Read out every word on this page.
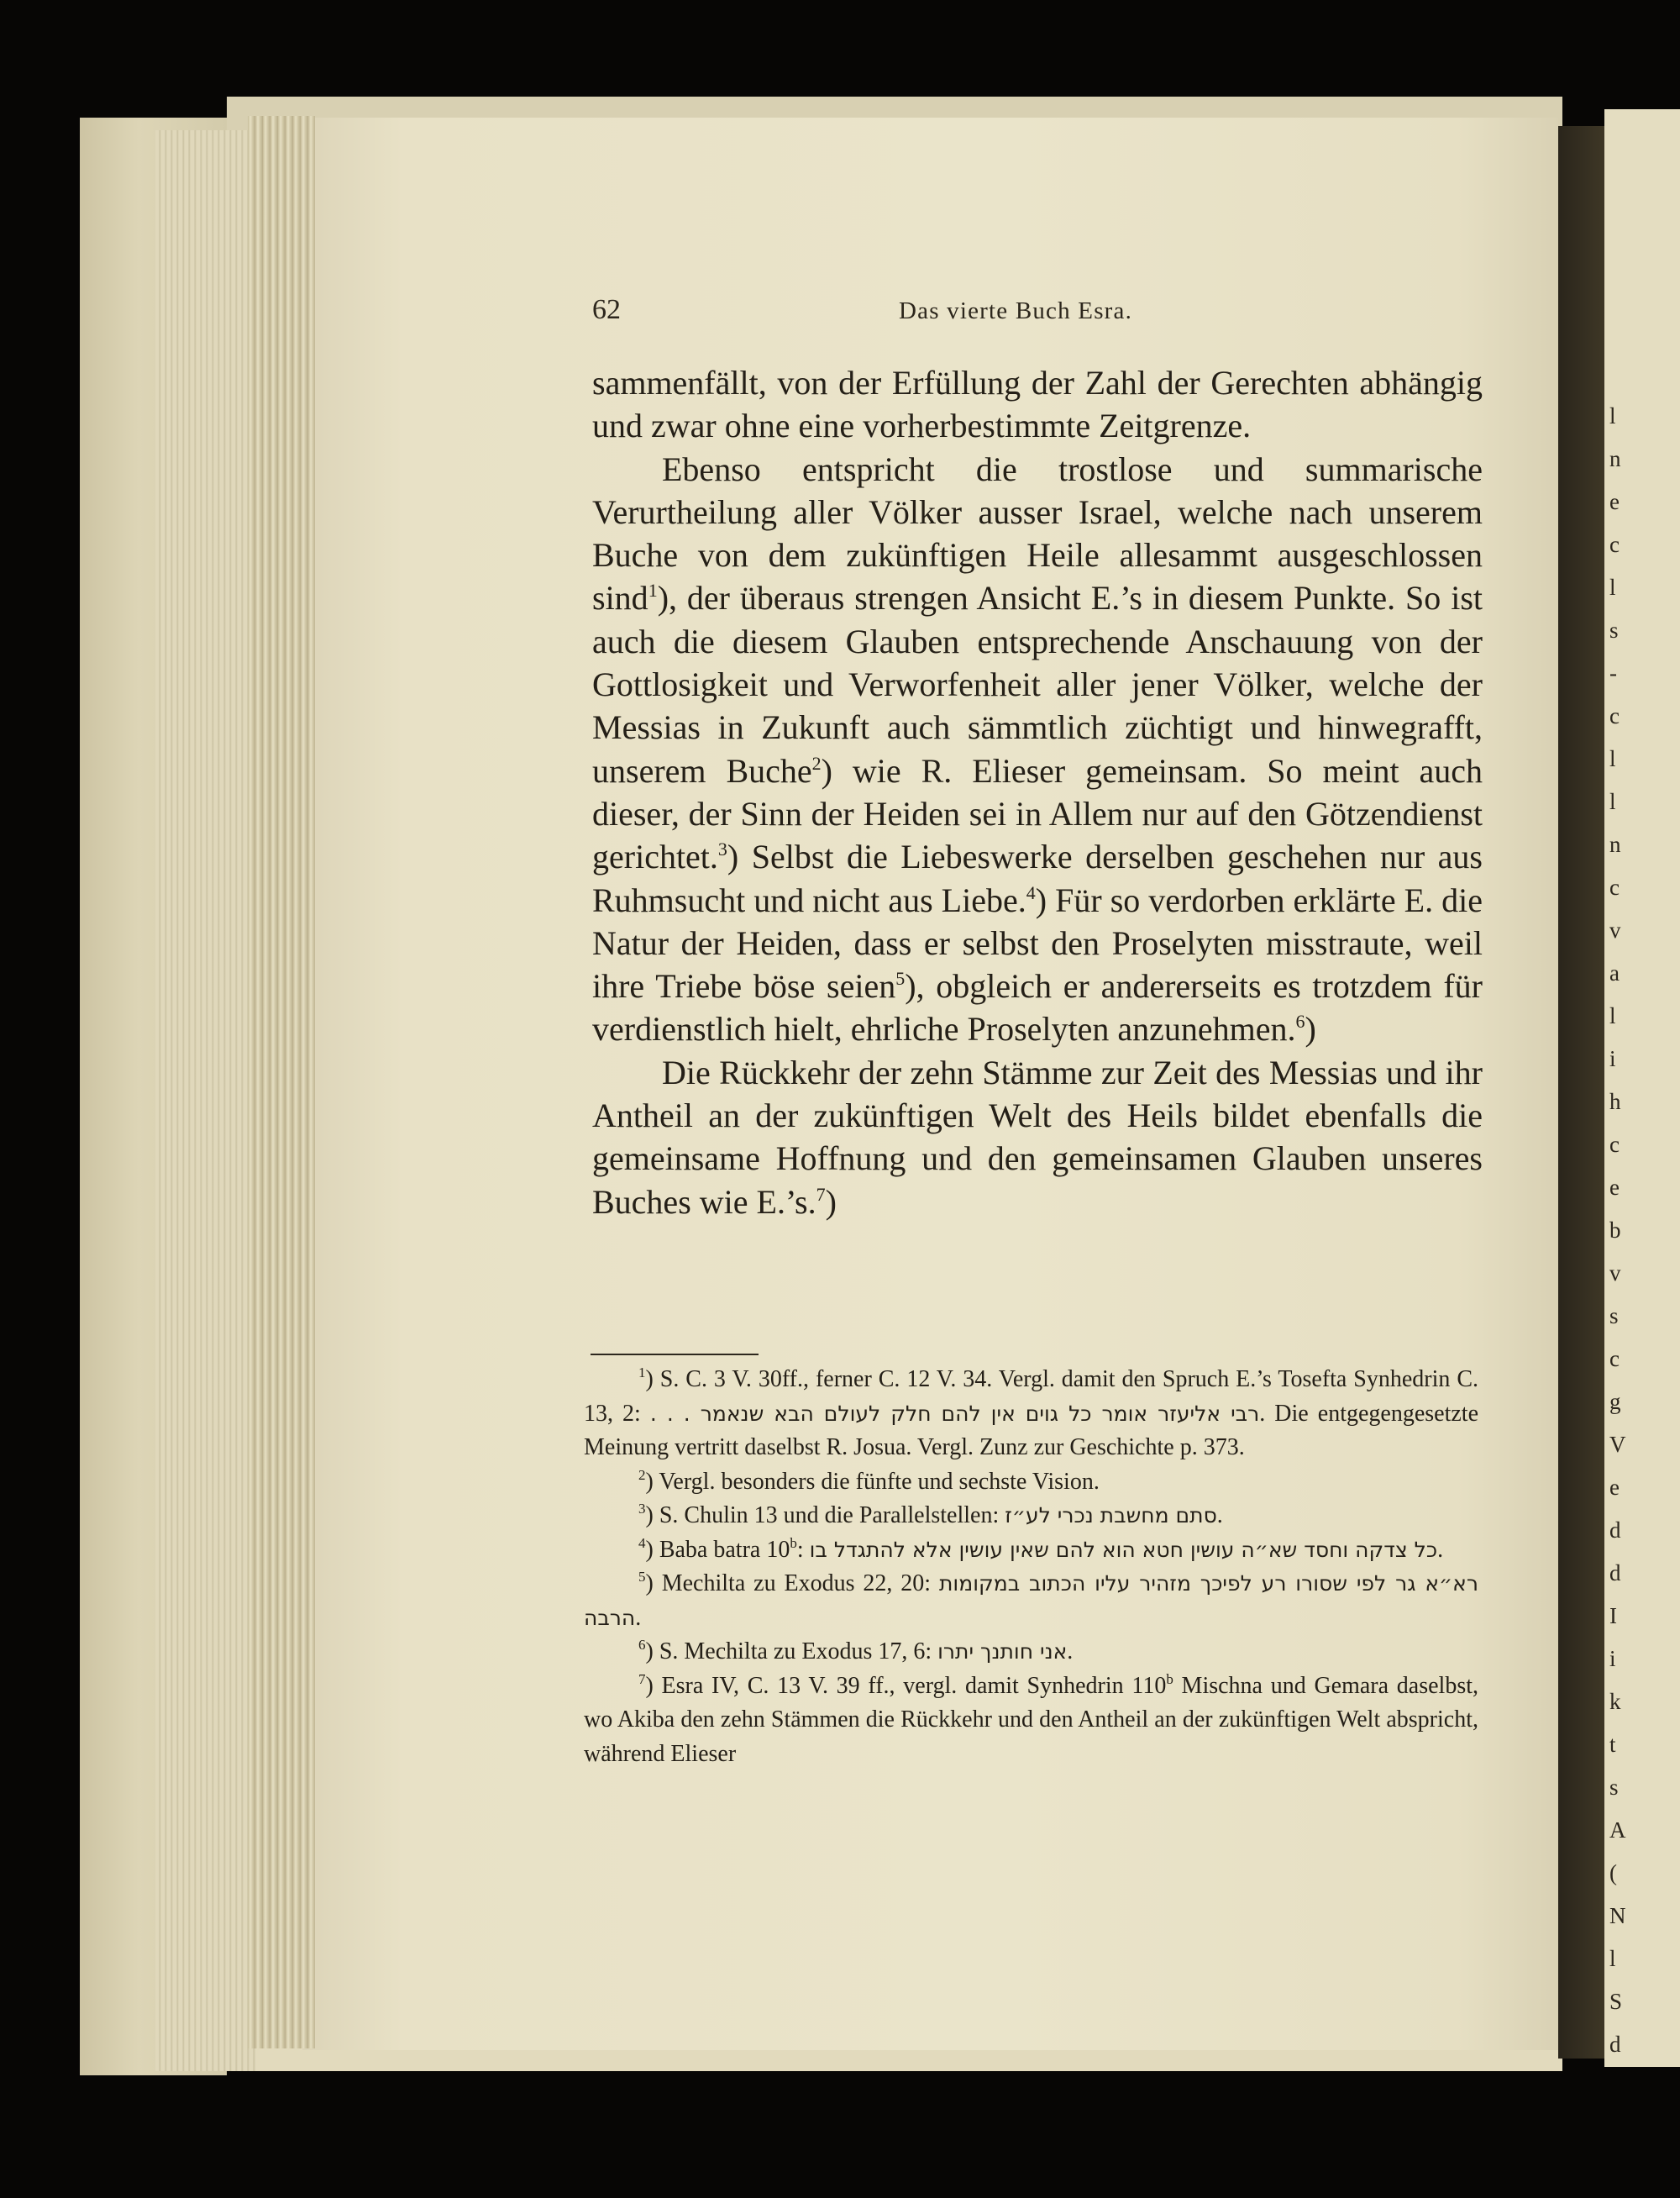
l
n
e
c
l
s
-
c
l
l
n
c
v
a
l
i
h
c
e
b
v
s
c
g
V
e
d
d
I
i
k
t
s
A
(
N
l
S
d
62	Das vierte Buch Esra.

sammenfällt, von der Erfüllung der Zahl der Gerechten abhängig und zwar ohne eine vorherbestimmte Zeitgrenze.

Ebenso entspricht die trostlose und summarische Verurtheilung aller Völker ausser Israel, welche nach unserem Buche von dem zukünftigen Heile allesammt ausgeschlossen sind$^1$), der überaus strengen Ansicht E.’s in diesem Punkte. So ist auch die diesem Glauben entsprechende Anschauung von der Gottlosigkeit und Verworfenheit aller jener Völker, welche der Messias in Zukunft auch sämmtlich züchtigt und hinwegrafft, unserem Buche$^2$) wie R. Elieser gemeinsam. So meint auch dieser, der Sinn der Heiden sei in Allem nur auf den Götzendienst gerichtet.$^3$) Selbst die Liebeswerke derselben geschehen nur aus Ruhmsucht und nicht aus Liebe.$^4$) Für so verdorben erklärte E. die Natur der Heiden, dass er selbst den Proselyten misstraute, weil ihre Triebe böse seien$^5$), obgleich er andererseits es trotzdem für verdienstlich hielt, ehrliche Proselyten anzunehmen.$^6$)

Die Rückkehr der zehn Stämme zur Zeit des Messias und ihr Antheil an der zukünftigen Welt des Heils bildet ebenfalls die gemeinsame Hoffnung und den gemeinsamen Glauben unseres Buches wie E.’s.$^7$)

$^1$) S. C. 3 V. 30ff., ferner C. 12 V. 34. Vergl. damit den Spruch E.’s Tosefta Synhedrin C. 13, 2: רבי אליעזר אומר כל גוים אין להם חלק לעולם הבא שנאמר . . .. Die entgegengesetzte Meinung vertritt daselbst R. Josua. Vergl. Zunz zur Geschichte p. 373.

$^2$) Vergl. besonders die fünfte und sechste Vision.

$^3$) S. Chulin 13 und die Parallelstellen: סתם מחשבת נכרי לע״ז.

$^4$) Baba batra 10$^b$: כל צדקה וחסד שא״ה עושין חטא הוא להם שאין עושין אלא להתגדל בו.

$^5$) Mechilta zu Exodus 22, 20: רא״א גר לפי שסורו רע לפיכך מזהיר עליו הכתוב במקומות הרבה.

$^6$) S. Mechilta zu Exodus 17, 6: אני חותנך יתרו.

$^7$) Esra IV, C. 13 V. 39 ff., vergl. damit Synhedrin 110$^b$ Mischna und Gemara daselbst, wo Akiba den zehn Stämmen die Rückkehr und den Antheil an der zukünftigen Welt abspricht, während Elieser
